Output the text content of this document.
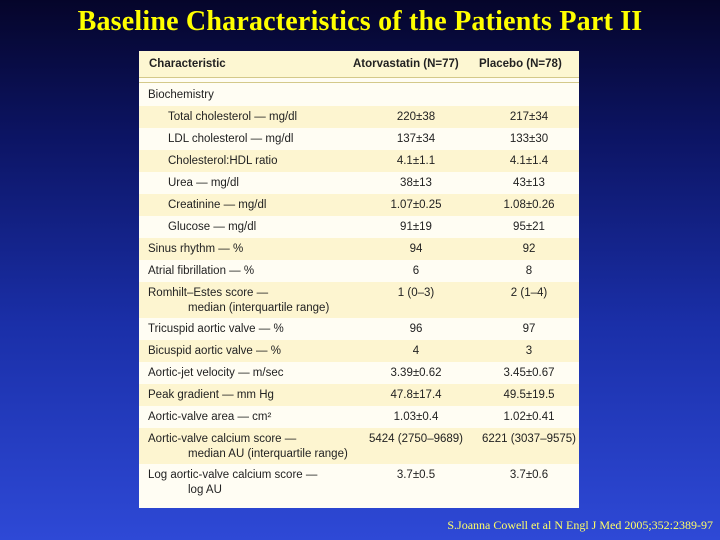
Baseline Characteristics of the Patients Part II
Characteristic	Atorvastatin (N=77) Placebo (N=78)
Biochemistry
Total cholesterol — mg/dl	220±38	217±34
LDL cholesterol — mg/dl	137±34	133±30
Cholesterol:HDL ratio	4.1±1.1	4.1±1.4
Urea — mg/dl	38±13	43±13
Creatinine — mg/dl	1.07±0.25	1.08±0.26
Glucose — mg/dl	91±19	95±21
Sinus rhythm — %	94	92
Atrial fibrillation — %	6	8
Romhilt–Estes score —
median (interquartile range)
1 (0–3)	2 (1–4)
Tricuspid aortic valve — %	96	97
Bicuspid aortic valve — %	4	3
Aortic-jet velocity — m/sec	3.39±0.62	3.45±0.67
Peak gradient — mm Hg	47.8±17.4	49.5±19.5
Aortic-valve area — cm²	1.03±0.4	1.02±0.41
Aortic-valve calcium score —
median AU (interquartile range)
5424 (2750–9689)	6221 (3037–9575)
Log aortic-valve calcium score —
log AU
3.7±0.5	3.7±0.6
S.Joanna Cowell et al N Engl J Med 2005;352:2389-97
